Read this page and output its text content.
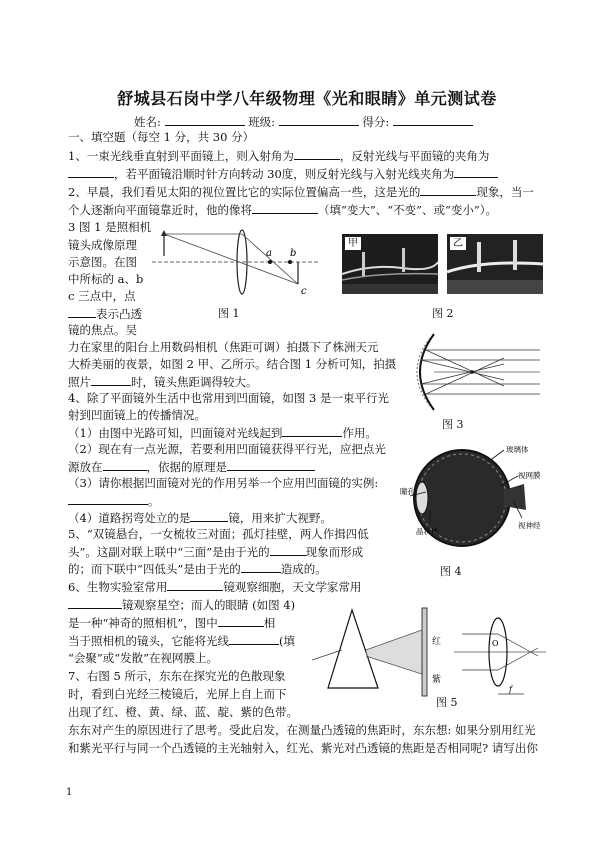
舒城县石岗中学八年级物理《光和眼睛》单元测试卷
姓名:	班级:	得分:
一、填空题（每空 1 分，共 30 分）
1、一束光线垂直射到平面镜上，则入射角为	，反射光线与平面镜的夹角为
，若平面镜沿顺时针方向转动 30度，则反射光线与入射光线夹角为
2、早晨，我们看见太阳的视位置比它的实际位置偏高一些，这是光的	现象，当一
个人逐渐向平面镜靠近时，他的像将	（填“变大”、“不变”、或“变小”）。
3 图 1 是照相机
镜头成像原理
示意图。在图
中所标的 a、b
c 三点中，点
表示凸透
镜的焦点。吴
a b
c
图 1
甲	乙
图 2
力在家里的阳台上用数码相机（焦距可调）拍摄下了株洲天元
大桥美丽的夜景，如图 2 甲、乙所示。结合图 1 分析可知，拍摄
照片	时，镜头焦距调得较大。
图 3
4、除了平面镜外生活中也常用到凹面镜，如图 3 是一束平行光
射到凹面镜上的传播情况。
（1）由图中光路可知，凹面镜对光线起到	作用。
（2）现在有一点光源，若要利用凹面镜获得平行光，应把点光
源放在	，依据的原理是
（3）请你根据凹面镜对光的作用另举一个应用凹面镜的实例:
。
（4）道路拐弯处立的是	镜，用来扩大视野。
玻璃体
视网膜
视神经
瞳孔
晶状体
图 4
5、“双镜悬台，一女梳妆三对面；孤灯挂壁，两人作揖四低
头”。这副对联上联中“三面”是由于光的	现象而形成
的；而下联中“四低头”是由于光的	造成的。
6、生物实验室常用	镜观察细胞，天文学家常用
镜观察星空；而人的眼睛 (如图 4)
是一种“神奇的照相机”，图中	相
当于照相机的镜头，它能将光线	(填
“会聚”或“发散”在视网膜上。
7、右图 5 所示，东东在探究光的色散现象
时，看到白光经三棱镜后，光屏上自上而下
出现了红、橙、黄、绿、蓝、靛、紫的色带。
红
紫
O
f
图 5
东东对产生的原因进行了思考。受此启发，在测量凸透镜的焦距时，东东想: 如果分别用红光
和紫光平行与同一个凸透镜的主光轴射入，红光、紫光对凸透镜的焦距是否相同呢? 请写出你
1
